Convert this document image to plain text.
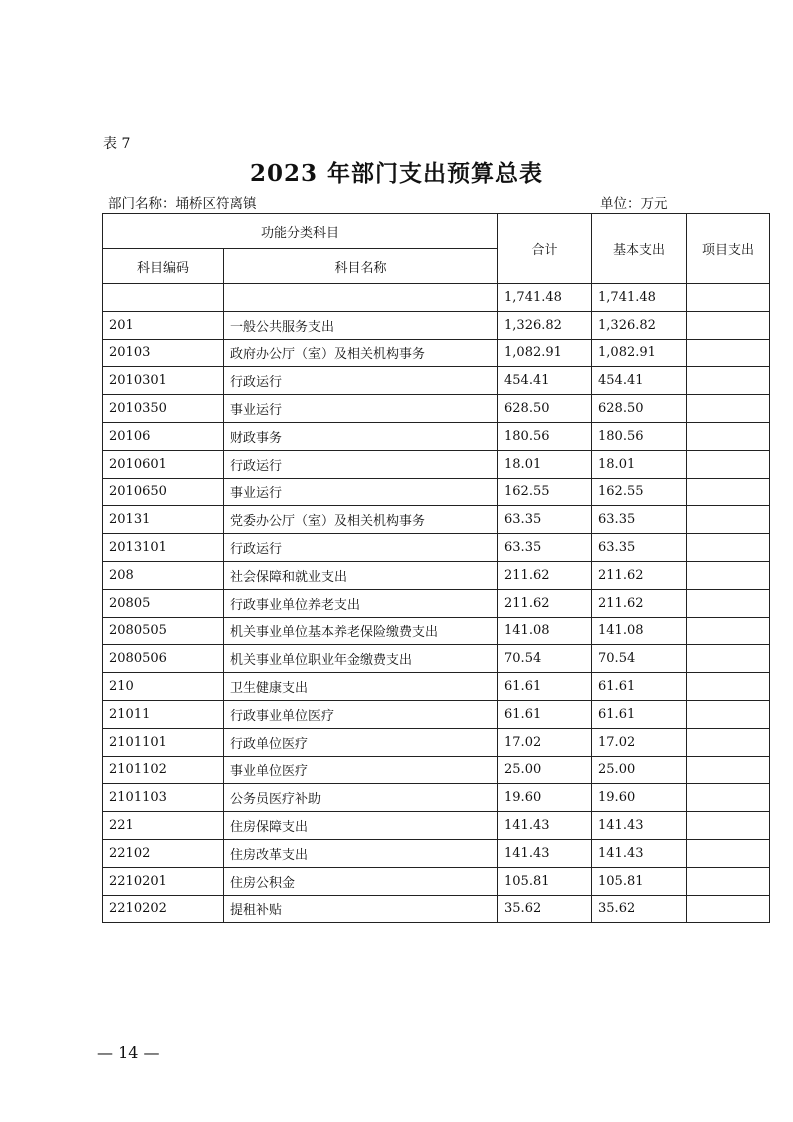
表 7
2023 年部门支出预算总表
部门名称：埇桥区符离镇	单位：万元
功能分类科目		合计	基本支出	项目支出
科目编码	科目名称			
		1,741.48	1,741.48	
201	一般公共服务支出	1,326.82	1,326.82	
20103	政府办公厅（室）及相关机构事务	1,082.91	1,082.91	
2010301	行政运行	454.41	454.41	
2010350	事业运行	628.50	628.50	
20106	财政事务	180.56	180.56	
2010601	行政运行	18.01	18.01	
2010650	事业运行	162.55	162.55	
20131	党委办公厅（室）及相关机构事务	63.35	63.35	
2013101	行政运行	63.35	63.35	
208	社会保障和就业支出	211.62	211.62	
20805	行政事业单位养老支出	211.62	211.62	
2080505	机关事业单位基本养老保险缴费支出	141.08	141.08	
2080506	机关事业单位职业年金缴费支出	70.54	70.54	
210	卫生健康支出	61.61	61.61	
21011	行政事业单位医疗	61.61	61.61	
2101101	行政单位医疗	17.02	17.02	
2101102	事业单位医疗	25.00	25.00	
2101103	公务员医疗补助	19.60	19.60	
221	住房保障支出	141.43	141.43	
22102	住房改革支出	141.43	141.43	
2210201	住房公积金	105.81	105.81	
2210202	提租补贴	35.62	35.62	
— 14 —
